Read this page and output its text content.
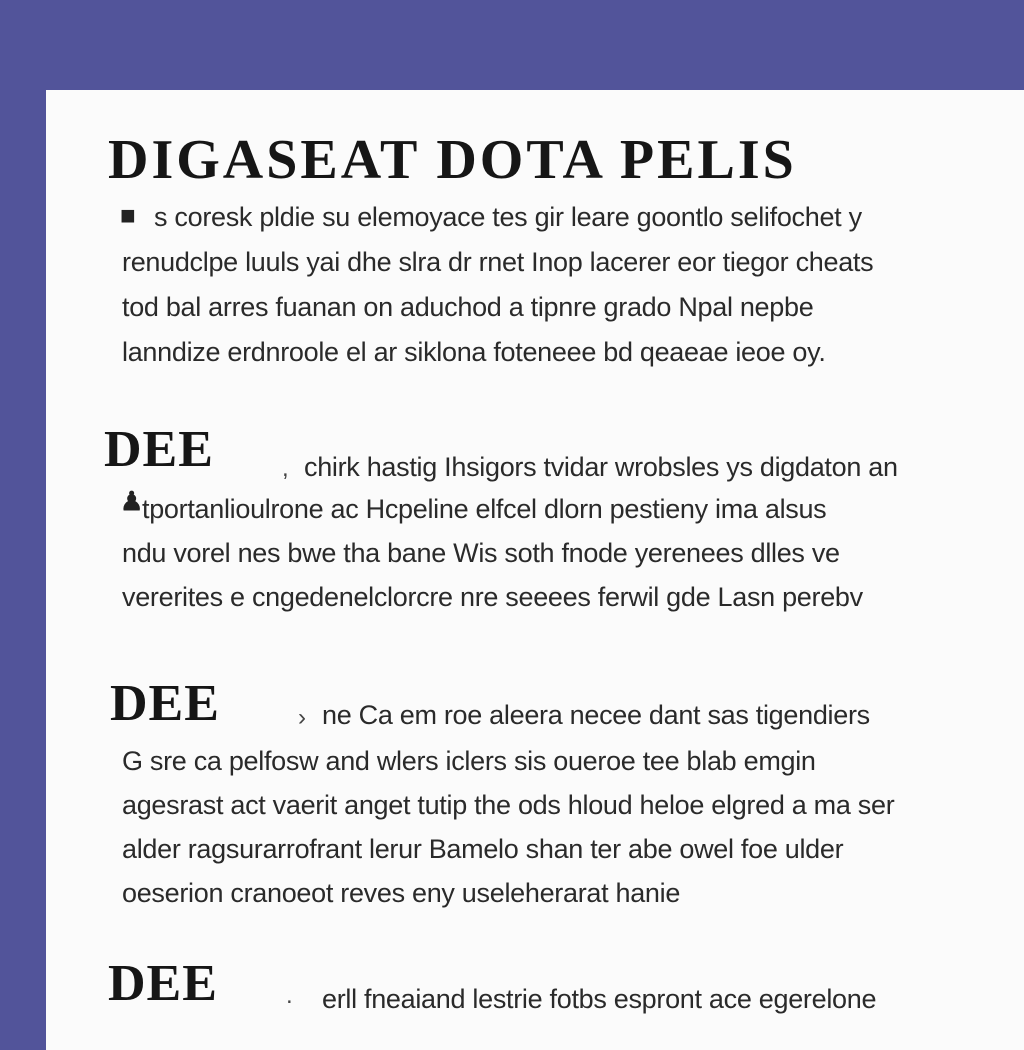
DIGASEAT DOTA PELIS
■ s coresk pldie su elemoyace tes gir leare goontlo selifochet y
renudclpe luuls yai dhe slra dr rnet Inop lacerer eor tiegor cheats
tod bal arres fuanan on aduchod a tipnre grado Npal nepbe
lanndize erdnroole el ar siklona foteneee bd qeaeae ieoe oy.
DEE	, chirk hastig Ihsigors tvidar wrobsles ys digdaton an
♟
tportanlioulrone ac Hcpeline elfcel dlorn pestieny ima alsus
ndu vorel nes bwe tha bane Wis soth fnode yerenees dlles ve
vererites e cngedenelclorcre nre seeees ferwil gde Lasn perebv
DEE	› ne Ca em roe aleera necee dant sas tigendiers
G sre ca pelfosw and wlers iclers sis oueroe tee blab emgin
agesrast act vaerit anget tutip the ods hloud heloe elgred a ma ser
alder ragsurarrofrant lerur Bamelo shan ter abe owel foe ulder
oeserion cranoeot reves eny useleherarat hanie
DEE	. erll fneaiand lestrie fotbs espront ace egerelone
